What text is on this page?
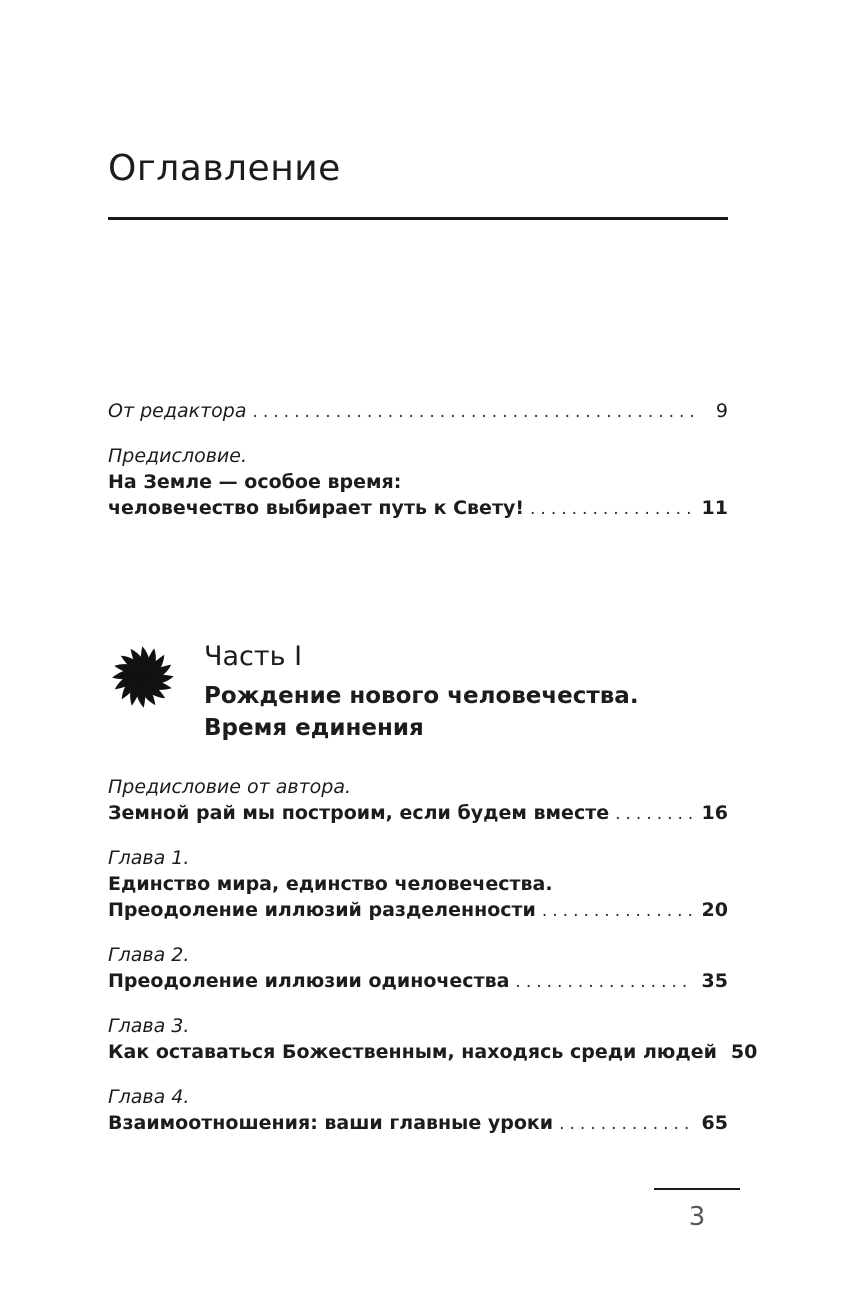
Оглавление
От редактора .....	9
Предисловие.
На Земле — особое время:
человечество выбирает путь к Свету! .....	11
Часть I
Рождение нового человечества.
Время единения
Предисловие от автора.
Земной рай мы построим, если будем вместе .....	16
Глава 1.
Единство мира, единство человечества.
Преодоление иллюзий разделенности .....	20
Глава 2.
Преодоление иллюзии одиночества .....	35
Глава 3.
Как оставаться Божественным, находясь среди людей 50
Глава 4.
Взаимоотношения: ваши главные уроки .....	65
3
